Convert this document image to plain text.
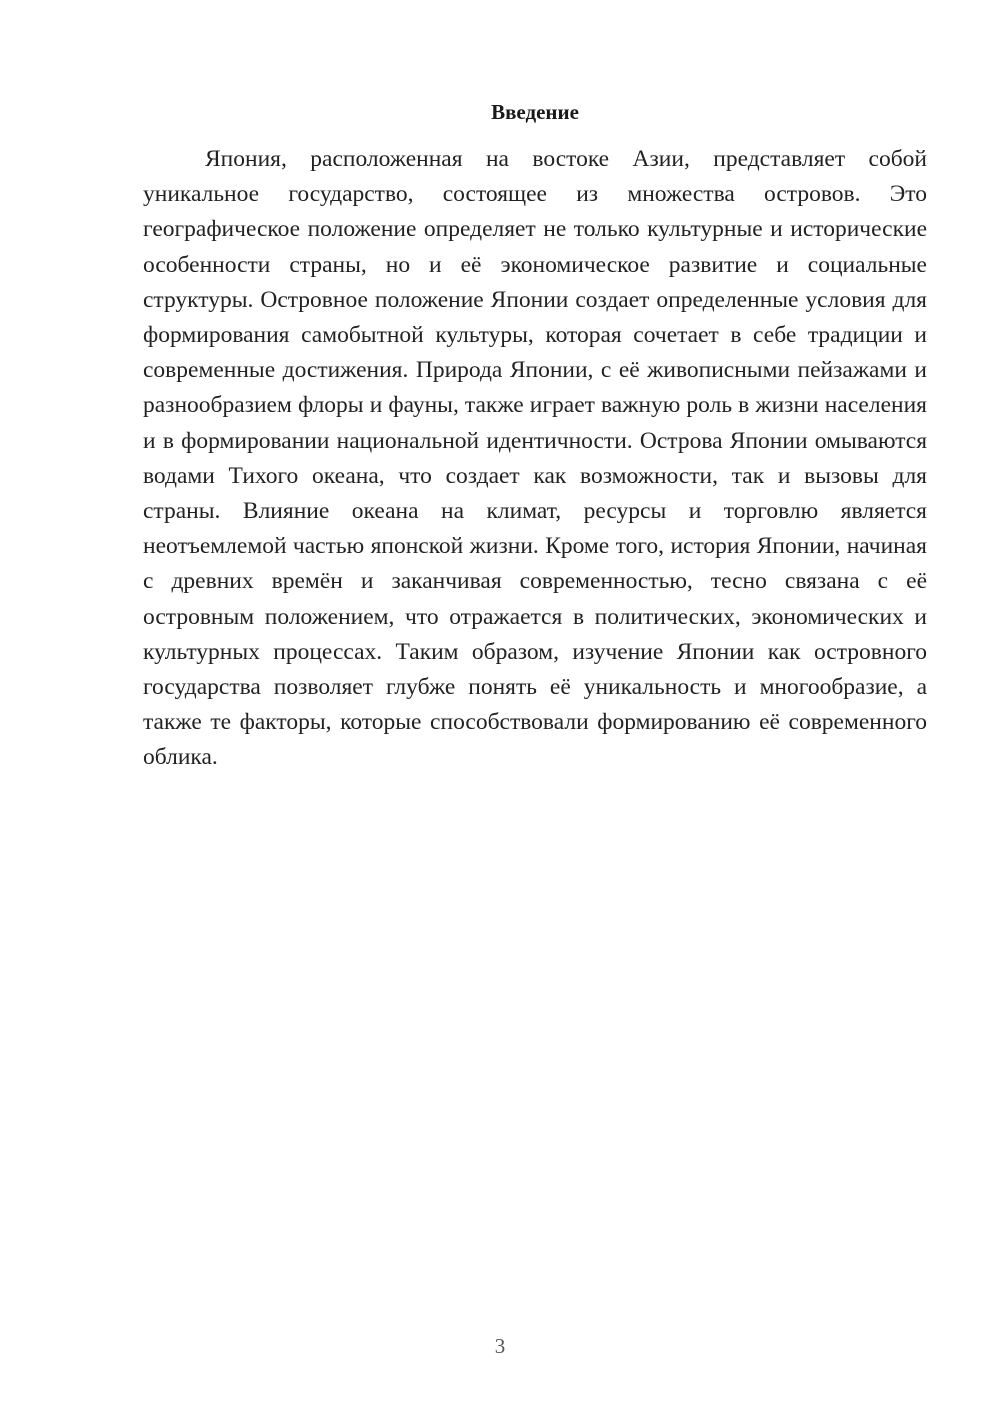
Введение

Япония, расположенная на востоке Азии, представляет собой уникальное государство, состоящее из множества островов. Это географическое положение определяет не только культурные и исторические особенности страны, но и её экономическое развитие и социальные структуры. Островное положение Японии создает определенные условия для формирования самобытной культуры, которая сочетает в себе традиции и современные достижения. Природа Японии, с её живописными пейзажами и разнообразием флоры и фауны, также играет важную роль в жизни населения и в формировании национальной идентичности. Острова Японии омываются водами Тихого океана, что создает как возможности, так и вызовы для страны. Влияние океана на климат, ресурсы и торговлю является неотъемлемой частью японской жизни. Кроме того, история Японии, начиная с древних времён и заканчивая современностью, тесно связана с её островным положением, что отражается в политических, экономических и культурных процессах. Таким образом, изучение Японии как островного государства позволяет глубже понять её уникальность и многообразие, а также те факторы, которые способствовали формированию её современного облика.

3
